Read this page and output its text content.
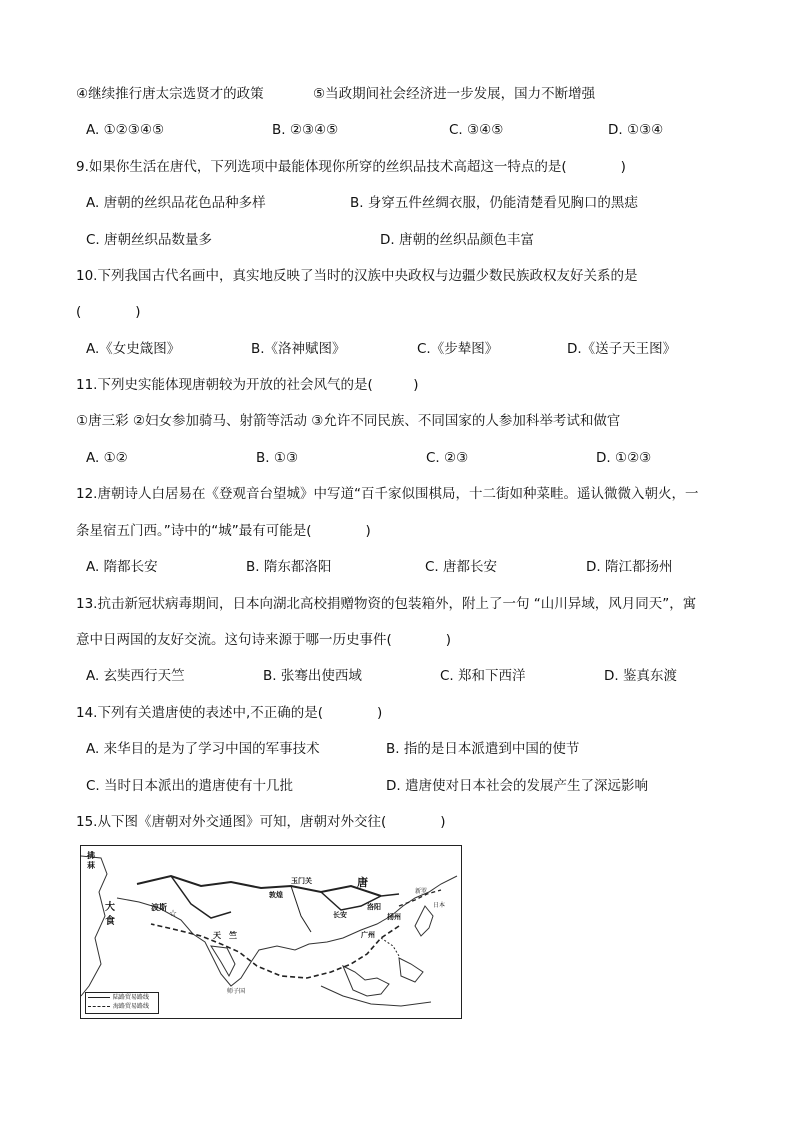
④继续推行唐太宗选贤才的政策	⑤当政期间社会经济进一步发展，国力不断增强
A. ①②③④⑤	B. ②③④⑤	C. ③④⑤	D. ①③④
9.如果你生活在唐代，下列选项中最能体现你所穿的丝织品技术高超这一特点的是(　　　　)
A. 唐朝的丝织品花色品种多样	B. 身穿五件丝绸衣服，仍能清楚看见胸口的黑痣
C. 唐朝丝织品数量多	D. 唐朝的丝织品颜色丰富
10.下列我国古代名画中，真实地反映了当时的汉族中央政权与边疆少数民族政权友好关系的是
(　　　　)
A.《女史箴图》	B.《洛神赋图》	C.《步辇图》	D.《送子天王图》
11.下列史实能体现唐朝较为开放的社会风气的是(　　　)
①唐三彩 ②妇女参加骑马、射箭等活动 ③允许不同民族、不同国家的人参加科举考试和做官
A. ①②	B. ①③	C. ②③	D. ①②③
12.唐朝诗人白居易在《登观音台望城》中写道“百千家似围棋局，十二街如种菜畦。遥认微微入朝火，一
条星宿五门西。”诗中的“城”最有可能是(　　　　)
A. 隋都长安	B. 隋东都洛阳	C. 唐都长安	D. 隋江都扬州
13.抗击新冠状病毒期间，日本向湖北高校捐赠物资的包装箱外，附上了一句 “山川异域，风月同天”，寓
意中日两国的友好交流。这句诗来源于哪一历史事件(　　　　)
A. 玄奘西行天竺	B. 张骞出使西域	C. 郑和下西洋	D. 鉴真东渡
14.下列有关遣唐使的表述中,不正确的是(　　　　)
A. 来华目的是为了学习中国的军事技术	B. 指的是日本派遣到中国的使节
C. 当时日本派出的遣唐使有十几批	D. 遣唐使对日本社会的发展产生了深远影响
15.从下图《唐朝对外交通图》可知，唐朝对外交往(　　　　)
☆
拂
菻
大
食
波斯
天 竺
长安
洛阳
扬州
广州
唐
玉门关
敦煌
师子国
新罗
日本
陆路贸易路线
海路贸易路线
